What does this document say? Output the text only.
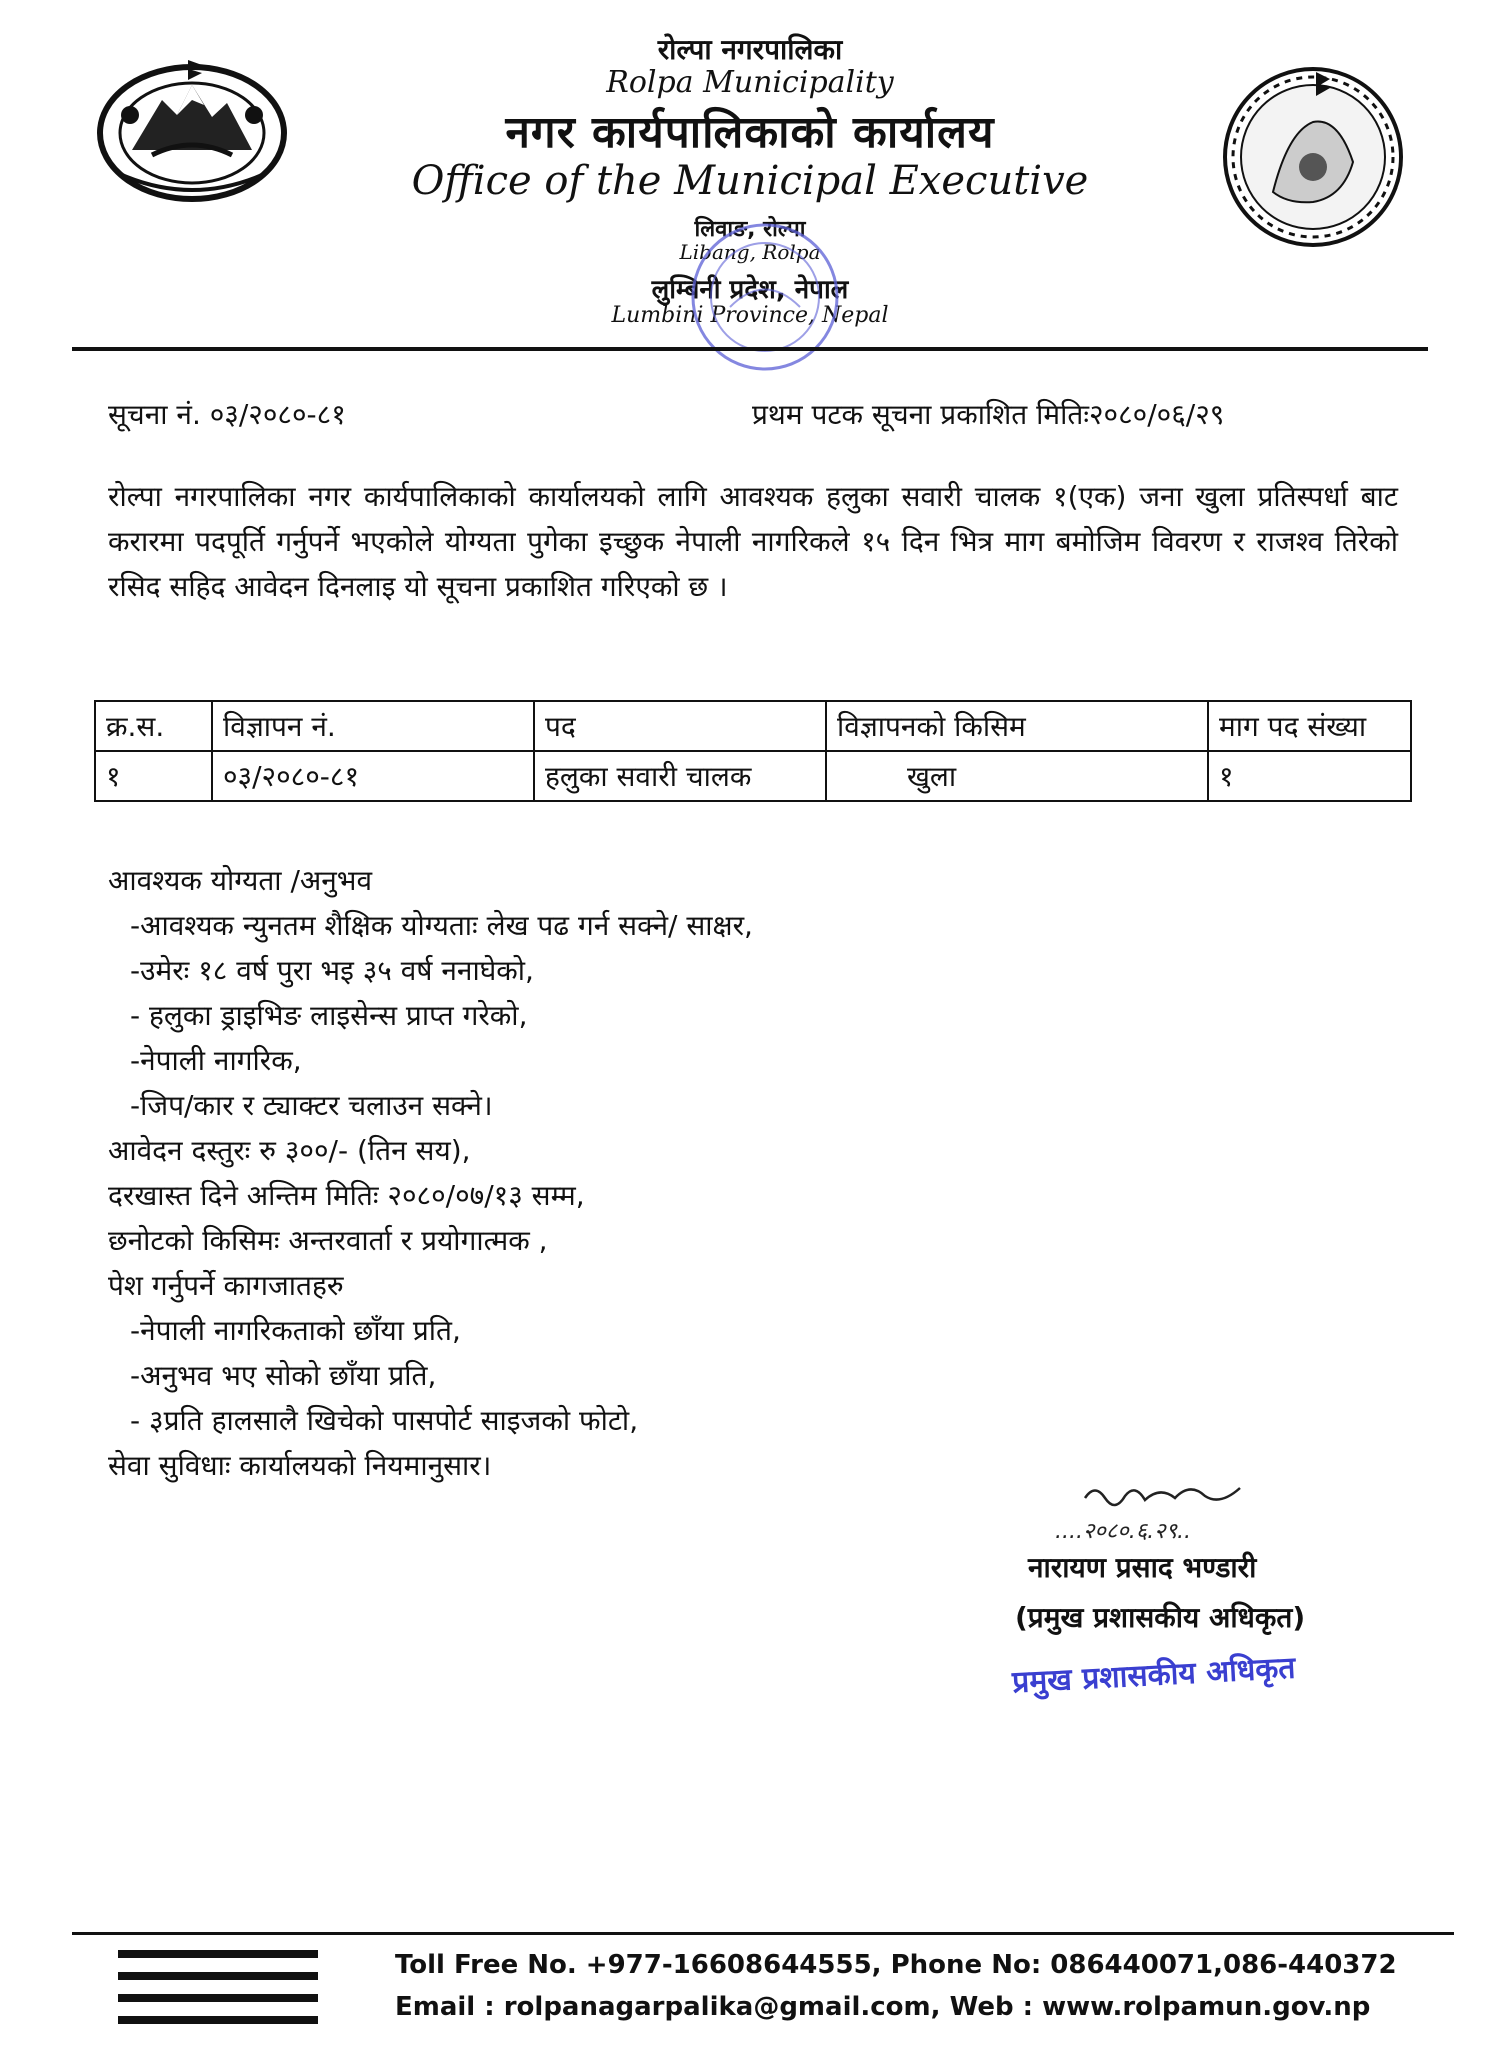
रोल्पा नगरपालिका
Rolpa Municipality
नगर कार्यपालिकाको कार्यालय
Office of the Municipal Executive
लिवाङ, रोल्पा
Libang, Rolpa
लुम्बिनी प्रदेश, नेपाल
Lumbini Province, Nepal
सूचना नं. ०३/२०८०-८१	प्रथम पटक सूचना प्रकाशित मितिः२०८०/०६/२९
रोल्पा नगरपालिका नगर कार्यपालिकाको कार्यालयको लागि आवश्यक हलुका सवारी चालक १(एक) जना खुला प्रतिस्पर्धा बाट करारमा पदपूर्ति गर्नुपर्ने भएकोले योग्यता पुगेका इच्छुक नेपाली नागरिकले १५ दिन भित्र माग बमोजिम विवरण र राजश्व तिरेको रसिद सहिद आवेदन दिनलाइ यो सूचना प्रकाशित गरिएको छ ।
क्र.स.	विज्ञापन नं.	पद	विज्ञापनको किसिम	माग पद संख्या
१	०३/२०८०-८१	हलुका सवारी चालक	खुला	१
आवश्यक योग्यता /अनुभव
-आवश्यक न्युनतम शैक्षिक योग्यताः लेख पढ गर्न सक्ने/ साक्षर,
-उमेरः १८ वर्ष पुरा भइ ३५ वर्ष ननाघेको,
- हलुका ड्राइभिङ लाइसेन्स प्राप्त गरेको,
-नेपाली नागरिक,
-जिप/कार र ट्याक्टर चलाउन सक्ने।
आवेदन दस्तुरः रु ३००/- (तिन सय),
दरखास्त दिने अन्तिम मितिः २०८०/०७/१३ सम्म,
छनोटको किसिमः अन्तरवार्ता र प्रयोगात्मक ,
पेश गर्नुपर्ने कागजातहरु
-नेपाली नागरिकताको छाँया प्रति,
-अनुभव भए सोको छाँया प्रति,
- ३प्रति हालसालै खिचेको पासपोर्ट साइजको फोटो,
सेवा सुविधाः कार्यालयको नियमानुसार।
....२०८०.६.२९..
नारायण प्रसाद भण्डारी
(प्रमुख प्रशासकीय अधिकृत)
प्रमुख प्रशासकीय अधिकृत
Toll Free No. +977-16608644555, Phone No: 086440071,086-440372
Email : rolpanagarpalika@gmail.com, Web : www.rolpamun.gov.np
